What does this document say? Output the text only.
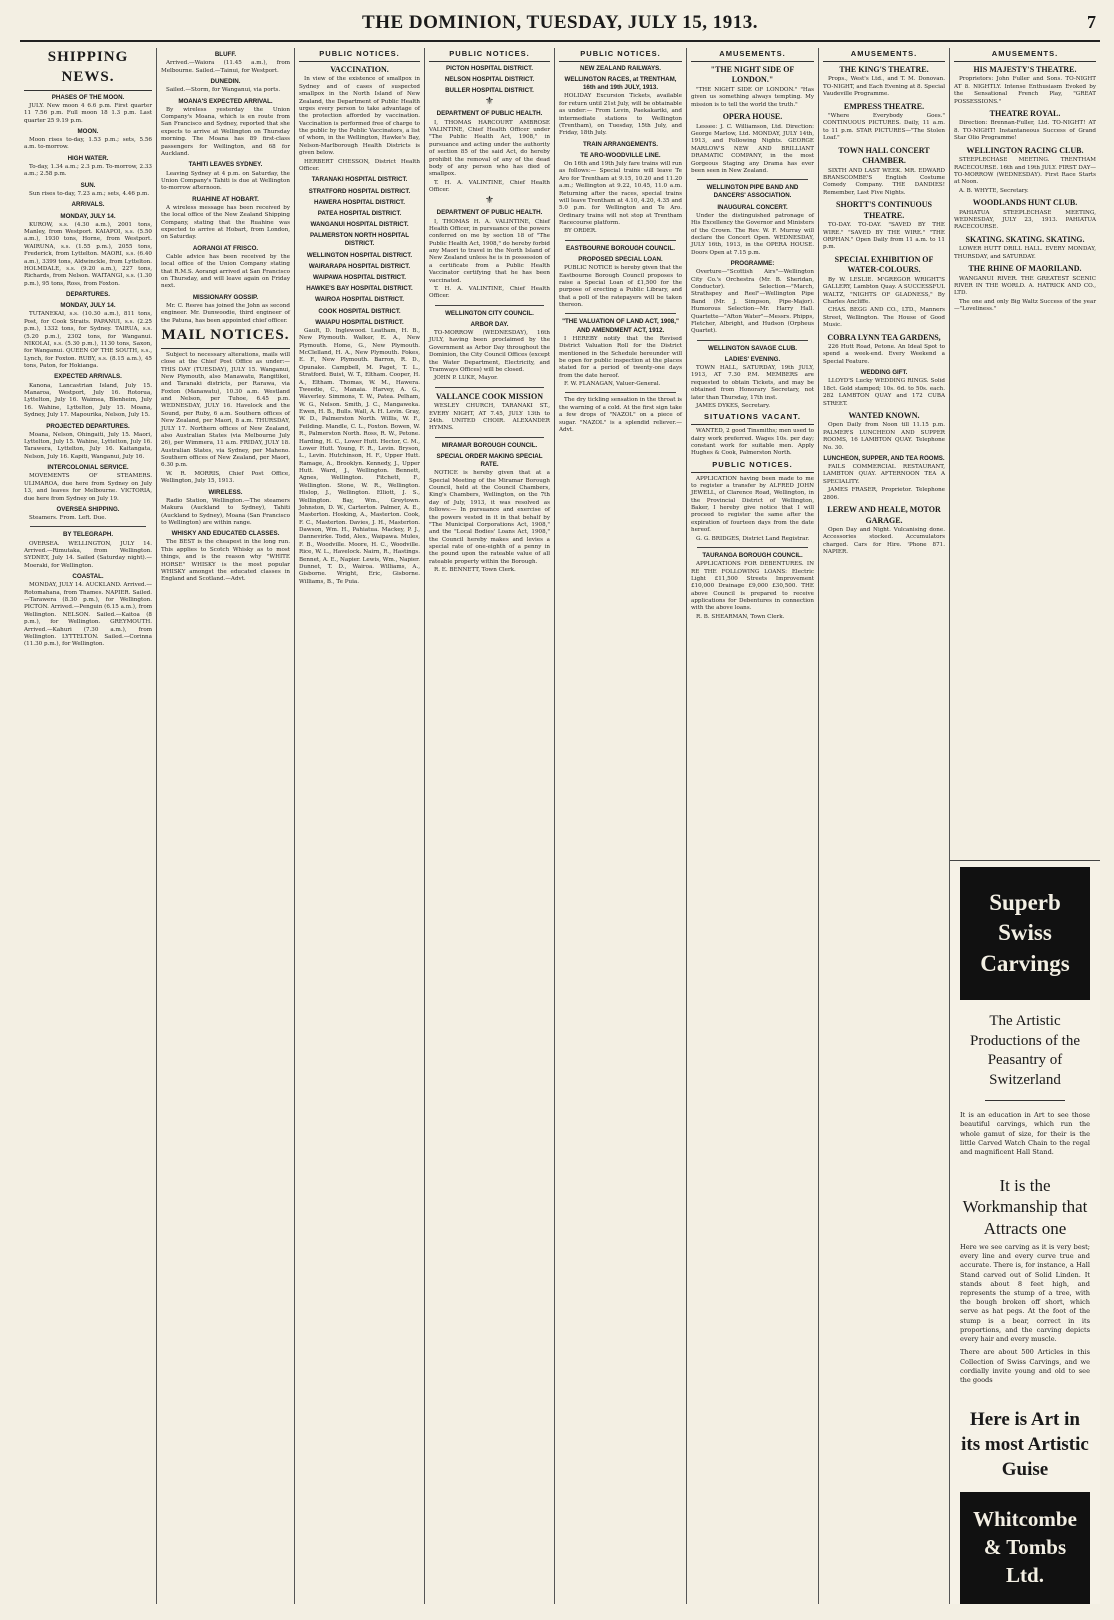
THE DOMINION, TUESDAY, JULY 15, 1913.	7
SHIPPING NEWS.
PHASES OF THE MOON.

JULY. New moon 4 6.6 p.m. First quarter 11 7.56 p.m. Full moon 18 1.3 p.m. Last quarter 25 9.19 p.m.

MOON.

Moon rises to-day, 1.53 p.m.; sets, 5.56 a.m. to-morrow.

HIGH WATER.

To-day, 1.34 a.m.; 2.3 p.m. To-morrow, 2.33 a.m.; 2.58 p.m.

SUN.

Sun rises to-day, 7.23 a.m.; sets, 4.46 p.m.

ARRIVALS.
MONDAY, JULY 14.

KUROW, s.s. (4.30 a.m.), 2001 tons, Manley, from Westport. KAIAPOI, s.s. (5.50 a.m.), 1930 tons, Horne, from Westport. WAIRUNA, s.s. (1.55 p.m.), 2055 tons, Frederick, from Lyttelton. MAORI, s.s. (6.40 a.m.), 3399 tons, Aldwinckle, from Lyttelton. HOLMDALE, s.s. (9.20 a.m.), 227 tons, Richards, from Nelson. WAITANGI, s.s. (1.30 p.m.), 95 tons, Ross, from Foxton.

DEPARTURES.
MONDAY, JULY 14.

TUTANEKAI, s.s. (10.30 a.m.), 811 tons, Post, for Cook Straits. PAPANUI, s.s. (2.25 p.m.), 1332 tons, for Sydney. TAIRUA, s.s. (5.20 p.m.), 2302 tons, for Wanganui. NIKOLAI, s.s. (5.30 p.m.), 1130 tons, Saxon, for Wanganui. QUEEN OF THE SOUTH, s.s., Lynch, for Foxton. RUBY, s.s. (8.15 a.m.), 45 tons, Paton, for Hokianga.

EXPECTED ARRIVALS.

Kanona, Lancastrian Island, July 15. Manaroa, Westport, July 16. Rotorua, Lyttelton, July 16. Waimea, Blenheim, July 16. Wahine, Lyttelton, July 15. Moana, Sydney, July 17. Mapourika, Nelson, July 15.

PROJECTED DEPARTURES.

Moana, Nelson, Ohingaiti, July 15. Maori, Lyttelton, July 15. Wahine, Lyttelton, July 16. Tarawera, Lyttelton, July 16. Kaitangata, Nelson, July 16. Kapiti, Wanganui, July 16.

INTERCOLONIAL SERVICE.

MOVEMENTS OF STEAMERS. ULIMAROA, due here from Sydney on July 13, and leaves for Melbourne. VICTORIA, due here from Sydney on July 19.

OVERSEA SHIPPING.

Steamers. From. Left. Due.

BY TELEGRAPH.

OVERSEA. WELLINGTON, JULY 14. Arrived.—Rimutaka, from Wellington. SYDNEY, July 14. Sailed (Saturday night).—Moeraki, for Wellington.

COASTAL.

MONDAY, JULY 14. AUCKLAND. Arrived.—Rotomahana, from Thames. NAPIER. Sailed.—Tarawera (8.30 p.m.), for Wellington. PICTON. Arrived.—Penguin (6.15 a.m.), from Wellington. NELSON. Sailed.—Kaitoa (8 p.m.), for Wellington. GREYMOUTH. Arrived.—Kahuri (7.30 a.m.), from Wellington. LYTTELTON. Sailed.—Corinna (11.30 p.m.), for Wellington.

BLUFF.

Arrived.—Waiora (11.45 a.m.), from Melbourne. Sailed.—Tainui, for Westport.

DUNEDIN.

Sailed.—Storm, for Wanganui, via ports.

MOANA'S EXPECTED ARRIVAL.

By wireless yesterday the Union Company's Moana, which is en route from San Francisco and Sydney, reported that she expects to arrive at Wellington on Thursday morning. The Moana has 89 first-class passengers for Wellington, and 68 for Auckland.

TAHITI LEAVES SYDNEY.

Leaving Sydney at 4 p.m. on Saturday, the Union Company's Tahiti is due at Wellington to-morrow afternoon.

RUAHINE AT HOBART.

A wireless message has been received by the local office of the New Zealand Shipping Company, stating that the Ruahine was expected to arrive at Hobart, from London, on Saturday.

AORANGI AT FRISCO.

Cable advice has been received by the local office of the Union Company stating that R.M.S. Aorangi arrived at San Francisco on Thursday, and will leave again on Friday next.

MISSIONARY GOSSIP.

Mr. C. Reeve has joined the John as second engineer. Mr. Dunwoodie, third engineer of the Patuna, has been appointed chief officer.

MAIL NOTICES.

Subject to necessary alterations, mails will close at the Chief Post Office as under:— THIS DAY (TUESDAY), JULY 15. Wanganui, New Plymouth, also Manawatu, Rangitikei, and Taranaki districts, per Rarawa, via Foxton (Manawatu), 10.30 a.m. Westland and Nelson, per Tuhoe, 6.45 p.m. WEDNESDAY, JULY 16. Havelock and the Sound, per Ruby, 6 a.m. Southern offices of New Zealand, per Maori, 8 a.m. THURSDAY, JULY 17. Northern offices of New Zealand, also Australian States (via Melbourne July 26), per Wimmera, 11 a.m. FRIDAY, JULY 18. Australian States, via Sydney, per Maheno. Southern offices of New Zealand, per Maori, 6.30 p.m.

W. R. MORRIS, Chief Post Office, Wellington, July 15, 1913.

WIRELESS.

Radio Station, Wellington.—The steamers Makura (Auckland to Sydney), Tahiti (Auckland to Sydney), Moana (San Francisco to Wellington) are within range.

WHISKY AND EDUCATED CLASSES.

The BEST is the cheapest in the long run. This applies to Scotch Whisky as to most things, and is the reason why "WHITE HORSE" WHISKY is the most popular WHISKY amongst the educated classes in England and Scotland.—Advt.

PUBLIC NOTICES.
VACCINATION.

In view of the existence of smallpox in Sydney and of cases of suspected smallpox in the North Island of New Zealand, the Department of Public Health urges every person to take advantage of the protection afforded by vaccination. Vaccination is performed free of charge to the public by the Public Vaccinators, a list of whom, in the Wellington, Hawke's Bay, Nelson-Marlborough Health Districts is given below.

HERBERT CHESSON, District Health Officer.

TARANAKI HOSPITAL DISTRICT.
STRATFORD HOSPITAL DISTRICT.
HAWERA HOSPITAL DISTRICT.
PATEA HOSPITAL DISTRICT.
WANGANUI HOSPITAL DISTRICT.
PALMERSTON NORTH HOSPITAL DISTRICT.
WELLINGTON HOSPITAL DISTRICT.
WAIRARAPA HOSPITAL DISTRICT.
WAIPAWA HOSPITAL DISTRICT.
HAWKE'S BAY HOSPITAL DISTRICT.
WAIROA HOSPITAL DISTRICT.
COOK HOSPITAL DISTRICT.
WAIAPU HOSPITAL DISTRICT.

Gault, D. Inglewood. Leatham, H. B., New Plymouth. Walker, E. A., New Plymouth. Home, G., New Plymouth. McClelland, H. A., New Plymouth. Fokes, E. F., New Plymouth. Barron, R. D., Opunake. Campbell, M. Paget, T. L., Stratford. Buist, W. T., Eltham. Cooper, H. A., Eltham. Thomas, W. M., Hawera. Tweedie, C., Manaia. Harvey, A. G., Waverley. Simmons, T. W., Patea. Pelham, W. G., Nelson. Smith, J. C., Mangaweka. Ewen, H. B., Bulls. Wall, A. H. Levin. Gray, W. D., Palmerston North. Willis, W. F., Feilding. Mandle, C. L., Foxton. Bowen, W. R., Palmerston North. Ross, R. W., Petone. Harding, H. C., Lower Hutt. Hector, C. M., Lower Hutt. Young, F. R., Levin. Bryson, L., Levin. Hutchinson, H. F., Upper Hutt. Ramage, A., Brooklyn. Kennedy, J., Upper Hutt. Ward, J., Wellington. Bennett, Agnes, Wellington. Fitchett, F., Wellington. Stone, W. R., Wellington. Hislop, J., Wellington. Elliott, J. S., Wellington. Bay, Wm., Greytown. Johnston, D. W., Carterton. Palmer, A. E., Masterton. Hosking, A., Masterton. Cook, F. C., Masterton. Davies, J. H., Masterton. Dawson, Wm. H., Pahiatua. Mackey, P. J., Dannevirke. Todd, Alex., Waipawa. Mules, F. B., Woodville. Moore, H. C., Woodville. Rice, W. L., Havelock. Nairn, R., Hastings. Bennet, A. E., Napier. Lewis, Wm., Napier. Dunnet, T. D., Wairoa. Williams, A., Gisborne. Wright, Eric, Gisborne. Williams, B., Te Puia.

PUBLIC NOTICES.
PICTON HOSPITAL DISTRICT.
NELSON HOSPITAL DISTRICT.
BULLER HOSPITAL DISTRICT.
⚜
DEPARTMENT OF PUBLIC HEALTH.

I, THOMAS HARCOURT AMBROSE VALINTINE, Chief Health Officer under "The Public Health Act, 1908," in pursuance and acting under the authority of section 85 of the said Act, do hereby prohibit the removal of any of the dead body of any person who has died of smallpox.

T. H. A. VALINTINE, Chief Health Officer.

⚜
DEPARTMENT OF PUBLIC HEALTH.

I, THOMAS H. A. VALINTINE, Chief Health Officer, in pursuance of the powers conferred on me by section 18 of "The Public Health Act, 1908," do hereby forbid any Maori to travel in the North Island of New Zealand unless he is in possession of a certificate from a Public Health Vaccinator certifying that he has been vaccinated.

T. H. A. VALINTINE, Chief Health Officer.

WELLINGTON CITY COUNCIL.
ARBOR DAY.

TO-MORROW (WEDNESDAY), 16th JULY, having been proclaimed by the Government as Arbor Day throughout the Dominion, the City Council Offices (except the Water Department, Electricity, and Tramways Offices) will be closed.

JOHN P. LUKE, Mayor.

VALLANCE COOK MISSION

WESLEY CHURCH, TARANAKI ST., EVERY NIGHT, AT 7.45, JULY 13th to 24th. UNITED CHOIR. ALEXANDER HYMNS.

MIRAMAR BOROUGH COUNCIL.
SPECIAL ORDER MAKING SPECIAL RATE.

NOTICE is hereby given that at a Special Meeting of the Miramar Borough Council, held at the Council Chambers, King's Chambers, Wellington, on the 7th day of July, 1913, it was resolved as follows:— In pursuance and exercise of the powers vested in it in that behalf by "The Municipal Corporations Act, 1908," and the "Local Bodies' Loans Act, 1908," the Council hereby makes and levies a special rate of one-eighth of a penny in the pound upon the rateable value of all rateable property within the Borough.

R. E. BENNETT, Town Clerk.

PUBLIC NOTICES.
NEW ZEALAND RAILWAYS.
WELLINGTON RACES, at TRENTHAM, 16th and 19th JULY, 1913.

HOLIDAY Excursion Tickets, available for return until 21st July, will be obtainable as under:— From Levin, Paekakariki, and intermediate stations to Wellington (Trentham), on Tuesday, 15th July, and Friday, 18th July.

TRAIN ARRANGEMENTS.
TE ARO-WOODVILLE LINE.

On 16th and 19th July fare trains will run as follows:— Special trains will leave Te Aro for Trentham at 9.15, 10.20 and 11.20 a.m.; Wellington at 9.22, 10.45, 11.0 a.m. Returning after the races, special trains will leave Trentham at 4.10, 4.20, 4.35 and 5.0 p.m. for Wellington and Te Aro. Ordinary trains will not stop at Trentham Racecourse platform.

BY ORDER.

EASTBOURNE BOROUGH COUNCIL.
PROPOSED SPECIAL LOAN.

PUBLIC NOTICE is hereby given that the Eastbourne Borough Council proposes to raise a Special Loan of £1,500 for the purpose of erecting a Public Library, and that a poll of the ratepayers will be taken thereon.

"THE VALUATION OF LAND ACT, 1908," AND AMENDMENT ACT, 1912.

I HEREBY notify that the Revised District Valuation Roll for the District mentioned in the Schedule hereunder will be open for public inspection at the places stated for a period of twenty-one days from the date hereof.

F. W. FLANAGAN, Valuer-General.

The dry tickling sensation in the throat is the warning of a cold. At the first sign take a few drops of "NAZOL" on a piece of sugar. "NAZOL" is a splendid reliever.—Advt.

AMUSEMENTS.
"THE NIGHT SIDE OF LONDON."

"THE NIGHT SIDE OF LONDON." "Has given us something always tempting. My mission is to tell the world the truth."

OPERA HOUSE.

Lessee: J. C. Williamson, Ltd. Direction: George Marlow, Ltd. MONDAY, JULY 14th, 1913, and Following Nights. GEORGE MARLOW'S NEW AND BRILLIANT DRAMATIC COMPANY, in the most Gorgeous Staging any Drama has ever been seen in New Zealand.

WELLINGTON PIPE BAND AND DANCERS' ASSOCIATION.
INAUGURAL CONCERT.

Under the distinguished patronage of His Excellency the Governor and Ministers of the Crown. The Rev. W. F. Murray will declare the Concert Open. WEDNESDAY, JULY 16th, 1913, in the OPERA HOUSE. Doors Open at 7.15 p.m.

PROGRAMME:

Overture—"Scottish Airs"—Wellington City Co.'s Orchestra (Mr. B. Sheridan, Conductor). Selection—"March, Strathspey and Reel"—Wellington Pipe Band (Mr. J. Simpson, Pipe-Major). Humorous Selection—Mr. Harry Hall. Quartette—"Afton Water"—Messrs. Phipps, Fletcher, Albright, and Hudson (Orpheus Quartet).

WELLINGTON SAVAGE CLUB.
LADIES' EVENING.

TOWN HALL, SATURDAY, 19th JULY, 1913, AT 7.30 P.M. MEMBERS are requested to obtain Tickets, and may be obtained from Honorary Secretary, not later than Thursday, 17th inst.

JAMES DYKES, Secretary.

SITUATIONS VACANT.

WANTED, 2 good Tinsmiths; men used to dairy work preferred. Wages 10s. per day; constant work for suitable men. Apply Hughes & Cook, Palmerston North.

PUBLIC NOTICES.

APPLICATION having been made to me to register a transfer by ALFRED JOHN JEWELL, of Clarence Road, Wellington, in the Provincial District of Wellington, Baker, I hereby give notice that I will proceed to register the same after the expiration of fourteen days from the date hereof.

G. G. BRIDGES, District Land Registrar.

TAURANGA BOROUGH COUNCIL.

APPLICATIONS FOR DEBENTURES. IN RE THE FOLLOWING LOANS: Electric Light £11,500 Streets Improvement £10,000 Drainage £9,000 £30,500. THE above Council is prepared to receive applications for Debentures in connection with the above loans.

R. B. SHEARMAN, Town Clerk.

AMUSEMENTS.
THE KING'S THEATRE.

Props., West's Ltd., and T. M. Donovan. TO-NIGHT, and Each Evening at 8. Special Vaudeville Programme.

EMPRESS THEATRE.

"Where Everybody Goes." CONTINUOUS PICTURES. Daily, 11 a.m. to 11 p.m. STAR PICTURES—"The Stolen Loaf."

TOWN HALL CONCERT CHAMBER.

SIXTH AND LAST WEEK. MR. EDWARD BRANSCOMBE'S English Costume Comedy Company. THE DANDIES! Remember, Last Five Nights.

SHORTT'S CONTINUOUS THEATRE.

TO-DAY. TO-DAY. "SAVED BY THE WIRE." "SAVED BY THE WIRE." "THE ORPHAN." Open Daily from 11 a.m. to 11 p.m.

SPECIAL EXHIBITION OF WATER-COLOURS.

By W. LESLIE. M'GREGOR WRIGHT'S GALLERY, Lambton Quay. A SUCCESSFUL WALTZ, "NIGHTS OF GLADNESS," By Charles Ancliffe.

CHAS. BEGG AND CO., LTD., Manners Street, Wellington. The House of Good Music.

COBRA LYNN TEA GARDENS,

226 Hutt Road, Petone. An Ideal Spot to spend a week-end. Every Weekend a Special Feature.

WEDDING GIFT.

LLOYD'S Lucky WEDDING RINGS. Solid 18ct. Gold stamped; 10s. 6d. to 50s. each. 282 LAMBTON QUAY and 172 CUBA STREET.

WANTED KNOWN.

Open Daily from Noon till 11.15 p.m. PALMER'S LUNCHEON AND SUPPER ROOMS, 16 LAMBTON QUAY. Telephone No. 30.

LUNCHEON, SUPPER, AND TEA ROOMS.

FAILS COMMERCIAL RESTAURANT, LAMBTON QUAY. AFTERNOON TEA A SPECIALITY.

JAMES FRASER, Proprietor. Telephone 2806.

LEREW AND HEALE, MOTOR GARAGE.

Open Day and Night. Vulcanising done. Accessories stocked. Accumulators charged. Cars for Hire. 'Phone 871. NAPIER.

AMUSEMENTS.
HIS MAJESTY'S THEATRE.

Proprietors: John Fuller and Sons. TO-NIGHT AT 8. NIGHTLY. Intense Enthusiasm Evoked by the Sensational French Play, "GREAT POSSESSIONS."

THEATRE ROYAL.

Direction: Brennan-Fuller, Ltd. TO-NIGHT! AT 8. TO-NIGHT! Instantaneous Success of Grand Star Olio Programme!

WELLINGTON RACING CLUB.

STEEPLECHASE MEETING. TRENTHAM RACECOURSE. 16th and 19th JULY. FIRST DAY—TO-MORROW (WEDNESDAY). First Race Starts at Noon.

A. B. WHYTE, Secretary.

WOODLANDS HUNT CLUB.

PAHIATUA STEEPLECHASE MEETING, WEDNESDAY, JULY 23, 1913. PAHIATUA RACECOURSE.

SKATING. SKATING. SKATING.

LOWER HUTT DRILL HALL. EVERY MONDAY, THURSDAY, and SATURDAY.

THE RHINE OF MAORILAND.

WANGANUI RIVER. THE GREATEST SCENIC RIVER IN THE WORLD. A. HATRICK AND CO., LTD.

The one and only Big Waltz Success of the year—"Loveliness."

Superb Swiss Carvings
The Artistic Productions of the Peasantry of Switzerland

It is an education in Art to see those beautiful carvings, which run the whole gamut of size, for their is the little Carved Watch Chain to the regal and magnificent Hall Stand.

It is the Workmanship that Attracts one

Here we see carving as it is very best; every line and every curve true and accurate. There is, for instance, a Hall Stand carved out of Solid Linden. It stands about 8 feet high, and represents the stump of a tree, with the bough broken off short, which serve as hat pegs. At the foot of the stump is a bear, correct in its proportions, and the carving depicts every hair and every muscle.

There are about 500 Articles in this Collection of Swiss Carvings, and we cordially invite young and old to see the goods

Here is Art in its most Artistic Guise
Whitcombe & Tombs Ltd.
